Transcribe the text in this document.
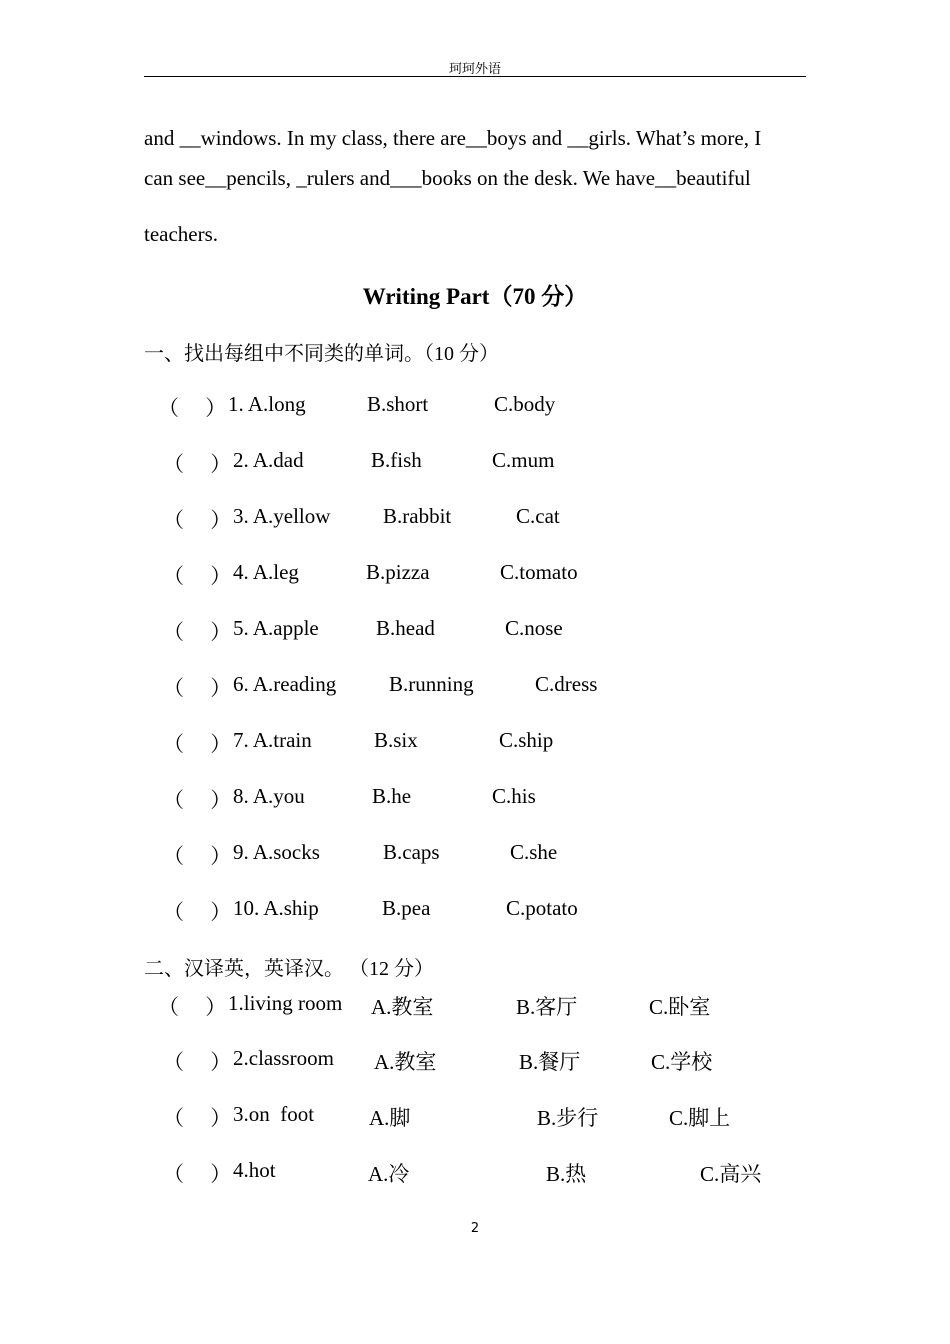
珂珂外语
and __windows. In my class, there are__boys and __girls. What’s more, I
can see__pencils, _rulers and___books on the desk. We have__beautiful
teachers.
Writing Part（70 分）
一、找出每组中不同类的单词。（10 分）
（     ） 1. A.long	B.short	C.body
（     ） 2. A.dad	B.fish	C.mum
（     ） 3. A.yellow	B.rabbit	C.cat
（     ） 4. A.leg	B.pizza	C.tomato
（     ） 5. A.apple	B.head	C.nose
（     ） 6. A.reading	B.running	C.dress
（     ） 7. A.train	B.six	C.ship
（     ） 8. A.you	B.he	C.his
（     ） 9. A.socks	B.caps	C.she
（     ） 10. A.ship	B.pea	C.potato
二、汉译英，英译汉。 （12 分）
（     ） 1.living room A.教室	B.客厅	C.卧室
（     ） 2.classroom A.教室	B.餐厅	C.学校
（     ） 3.on  foot	A.脚	B.步行	C.脚上
（     ） 4.hot	A.冷	B.热	C.高兴
2
